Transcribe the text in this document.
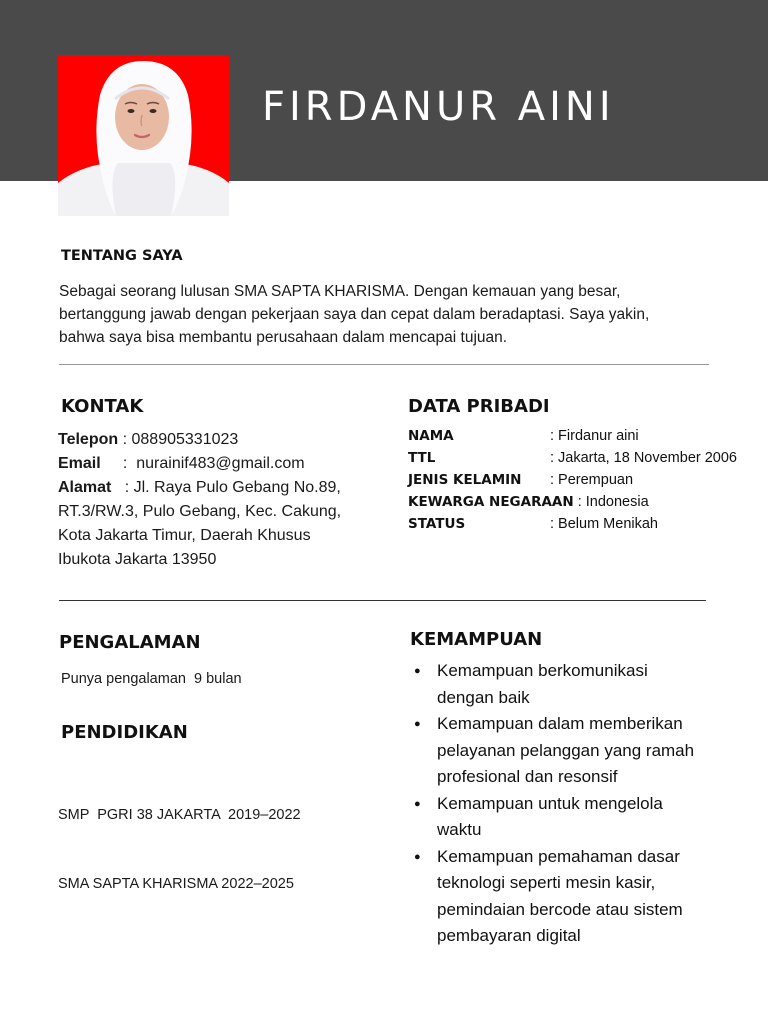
FIRDANUR AINI
TENTANG SAYA
Sebagai seorang lulusan SMA SAPTA KHARISMA. Dengan kemauan yang besar,
bertanggung jawab dengan pekerjaan saya dan cepat dalam beradaptasi. Saya yakin,
bahwa saya bisa membantu perusahaan dalam mencapai tujuan.
KONTAK
Telepon : 088905331023
Email     :  nurainif483@gmail.com
Alamat   : Jl. Raya Pulo Gebang No.89,
RT.3/RW.3, Pulo Gebang, Kec. Cakung,
Kota Jakarta Timur, Daerah Khusus
Ibukota Jakarta 13950
DATA PRIBADI
NAMA	: Firdanur aini
TTL	: Jakarta, 18 November 2006
JENIS KELAMIN	: Perempuan
KEWARGA NEGARAAN : Indonesia
STATUS	: Belum Menikah
PENGALAMAN
Punya pengalaman  9 bulan
PENDIDIKAN

SMP  PGRI 38 JAKARTA  2019–2022

SMA SAPTA KHARISMA 2022–2025

KEMAMPUAN
● Kemampuan berkomunikasi
dengan baik
● Kemampuan dalam memberikan
pelayanan pelanggan yang ramah
profesional dan resonsif
● Kemampuan untuk mengelola
waktu
● Kemampuan pemahaman dasar
teknologi seperti mesin kasir,
pemindaian bercode atau sistem
pembayaran digital
